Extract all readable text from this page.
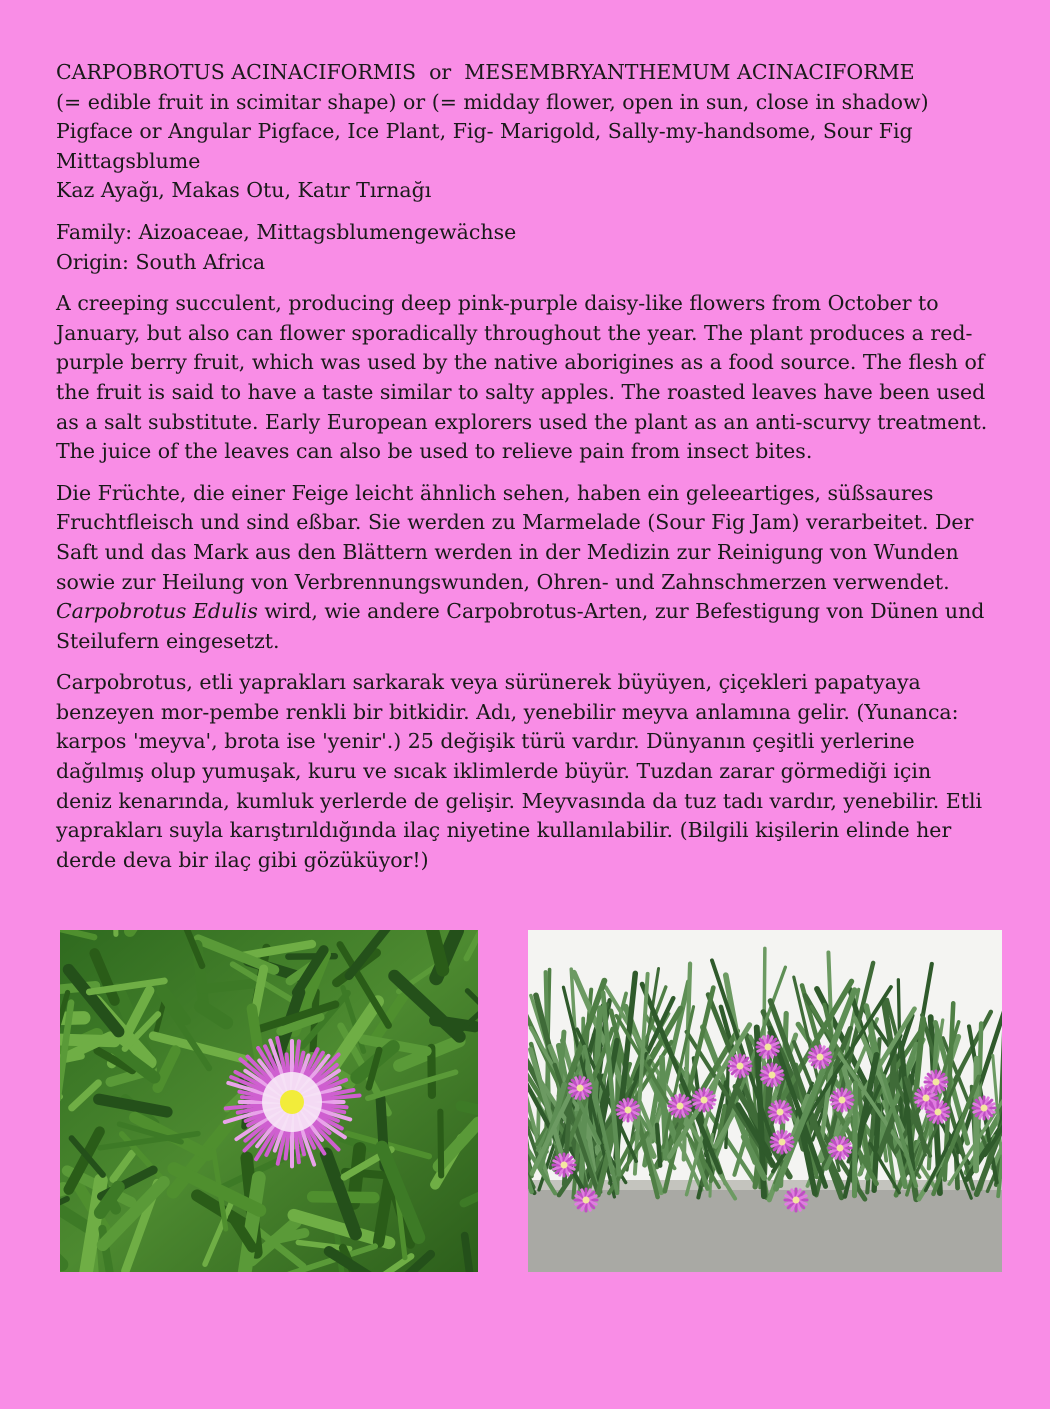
CARPOBROTUS ACINACIFORMIS  or  MESEMBRYANTHEMUM ACINACIFORME
(= edible fruit in scimitar shape) or (= midday flower, open in sun, close in shadow)
Pigface or Angular Pigface, Ice Plant, Fig- Marigold, Sally-my-handsome, Sour Fig
Mittagsblume
Kaz Ayağı, Makas Otu, Katır Tırnağı
Family: Aizoaceae, Mittagsblumengewächse
Origin: South Africa
A creeping succulent, producing deep pink-purple daisy-like flowers from October to
January, but also can flower sporadically throughout the year. The plant produces a red-
purple berry fruit, which was used by the native aborigines as a food source. The flesh of
the fruit is said to have a taste similar to salty apples. The roasted leaves have been used
as a salt substitute. Early European explorers used the plant as an anti-scurvy treatment.
The juice of the leaves can also be used to relieve pain from insect bites.
Die Früchte, die einer Feige leicht ähnlich sehen, haben ein geleeartiges, süßsaures
Fruchtfleisch und sind eßbar. Sie werden zu Marmelade (Sour Fig Jam) verarbeitet. Der
Saft und das Mark aus den Blättern werden in der Medizin zur Reinigung von Wunden
sowie zur Heilung von Verbrennungswunden, Ohren- und Zahnschmerzen verwendet.
Carpobrotus Edulis wird, wie andere Carpobrotus-Arten, zur Befestigung von Dünen und
Steilufern eingesetzt.
Carpobrotus, etli yaprakları sarkarak veya sürünerek büyüyen, çiçekleri papatyaya
benzeyen mor-pembe renkli bir bitkidir. Adı, yenebilir meyva anlamına gelir. (Yunanca:
karpos 'meyva', brota ise 'yenir'.) 25 değişik türü vardır. Dünyanın çeşitli yerlerine
dağılmış olup yumuşak, kuru ve sıcak iklimlerde büyür. Tuzdan zarar görmediği için
deniz kenarında, kumluk yerlerde de gelişir. Meyvasında da tuz tadı vardır, yenebilir. Etli
yaprakları suyla karıştırıldığında ilaç niyetine kullanılabilir. (Bilgili kişilerin elinde her
derde deva bir ilaç gibi gözüküyor!)
